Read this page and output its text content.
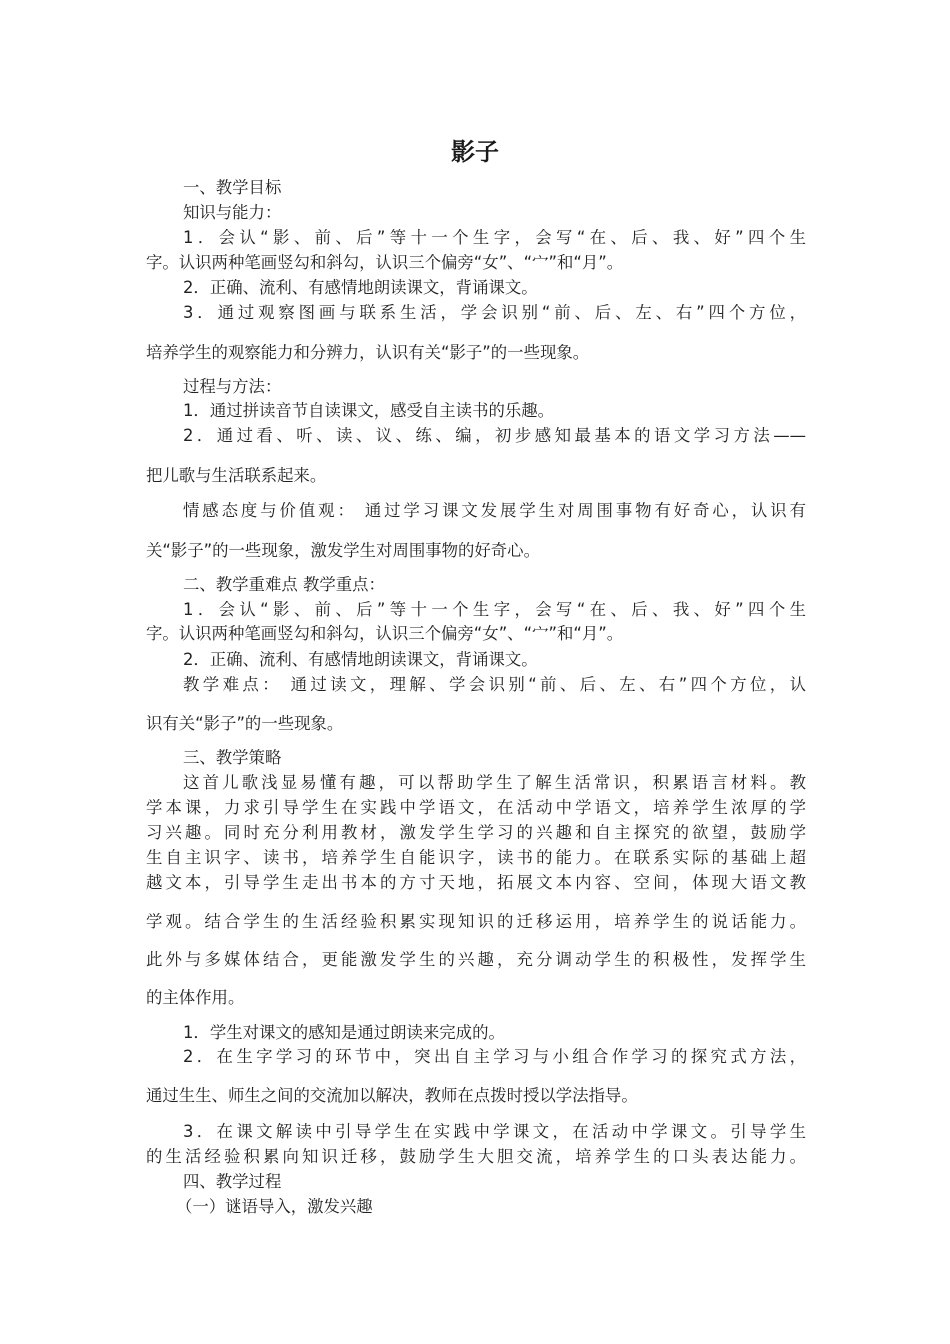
影子
一、教学目标
知识与能力：
1．会认“影、前、后”等十一个生字，会写“在、后、我、好”四个生
字。认识两种笔画竖勾和斜勾，认识三个偏旁“女”、“宀”和“月”。
2．正确、流利、有感情地朗读课文，背诵课文。
3．通过观察图画与联系生活，学会识别“前、后、左、右”四个方位，
培养学生的观察能力和分辨力，认识有关“影子”的一些现象。
过程与方法：
1．通过拼读音节自读课文，感受自主读书的乐趣。
2．通过看、听、读、议、练、编，初步感知最基本的语文学习方法——
把儿歌与生活联系起来。
情感态度与价值观： 通过学习课文发展学生对周围事物有好奇心，认识有
关“影子”的一些现象，激发学生对周围事物的好奇心。
二、教学重难点 教学重点：
1．会认“影、前、后”等十一个生字，会写“在、后、我、好”四个生
字。认识两种笔画竖勾和斜勾，认识三个偏旁“女”、“宀”和“月”。
2．正确、流利、有感情地朗读课文，背诵课文。
教学难点： 通过读文，理解、学会识别“前、后、左、右”四个方位，认
识有关“影子”的一些现象。
三、教学策略
这首儿歌浅显易懂有趣，可以帮助学生了解生活常识，积累语言材料。教
学本课，力求引导学生在实践中学语文，在活动中学语文，培养学生浓厚的学
习兴趣。同时充分利用教材，激发学生学习的兴趣和自主探究的欲望，鼓励学
生自主识字、读书，培养学生自能识字，读书的能力。在联系实际的基础上超
越文本，引导学生走出书本的方寸天地，拓展文本内容、空间，体现大语文教
学观。结合学生的生活经验积累实现知识的迁移运用，培养学生的说话能力。
此外与多媒体结合，更能激发学生的兴趣，充分调动学生的积极性，发挥学生
的主体作用。
1．学生对课文的感知是通过朗读来完成的。
2．在生字学习的环节中，突出自主学习与小组合作学习的探究式方法，
通过生生、师生之间的交流加以解决，教师在点拨时授以学法指导。
3．在课文解读中引导学生在实践中学课文，在活动中学课文。引导学生
的生活经验积累向知识迁移，鼓励学生大胆交流，培养学生的口头表达能力。
四、教学过程
（一）谜语导入，激发兴趣
